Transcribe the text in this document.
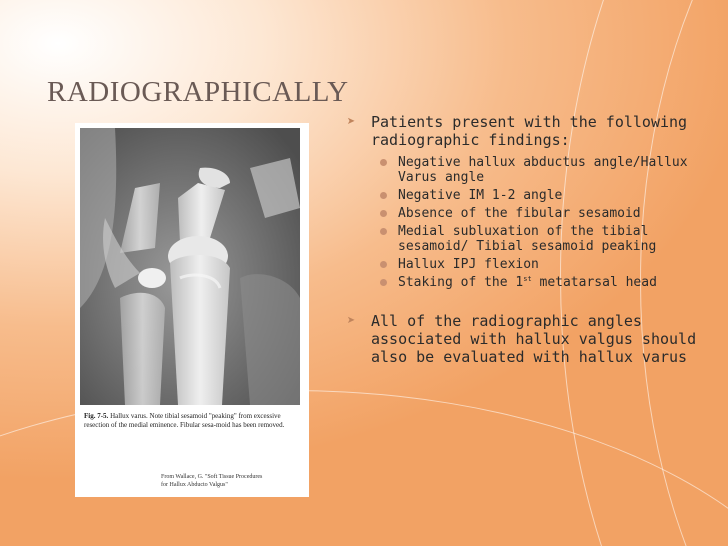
RADIOGRAPHICALLY
Fig. 7-5. Hallux varus. Note tibial sesamoid "peaking" from excessive resection of the medial eminence. Fibular sesa-moid has been removed.
From Wallace, G. "Soft Tissue Procedures
for Hallux Abducto Valgus"
➤ Patients present with the following radiographic findings:
Negative hallux abductus angle/Hallux Varus angle
Negative IM 1-2 angle
Absence of the fibular sesamoid
Medial subluxation of the tibial sesamoid/ Tibial sesamoid peaking
Hallux IPJ flexion
Staking of the 1st metatarsal head
➤ All of the radiographic angles associated with hallux valgus should also be evaluated with hallux varus
